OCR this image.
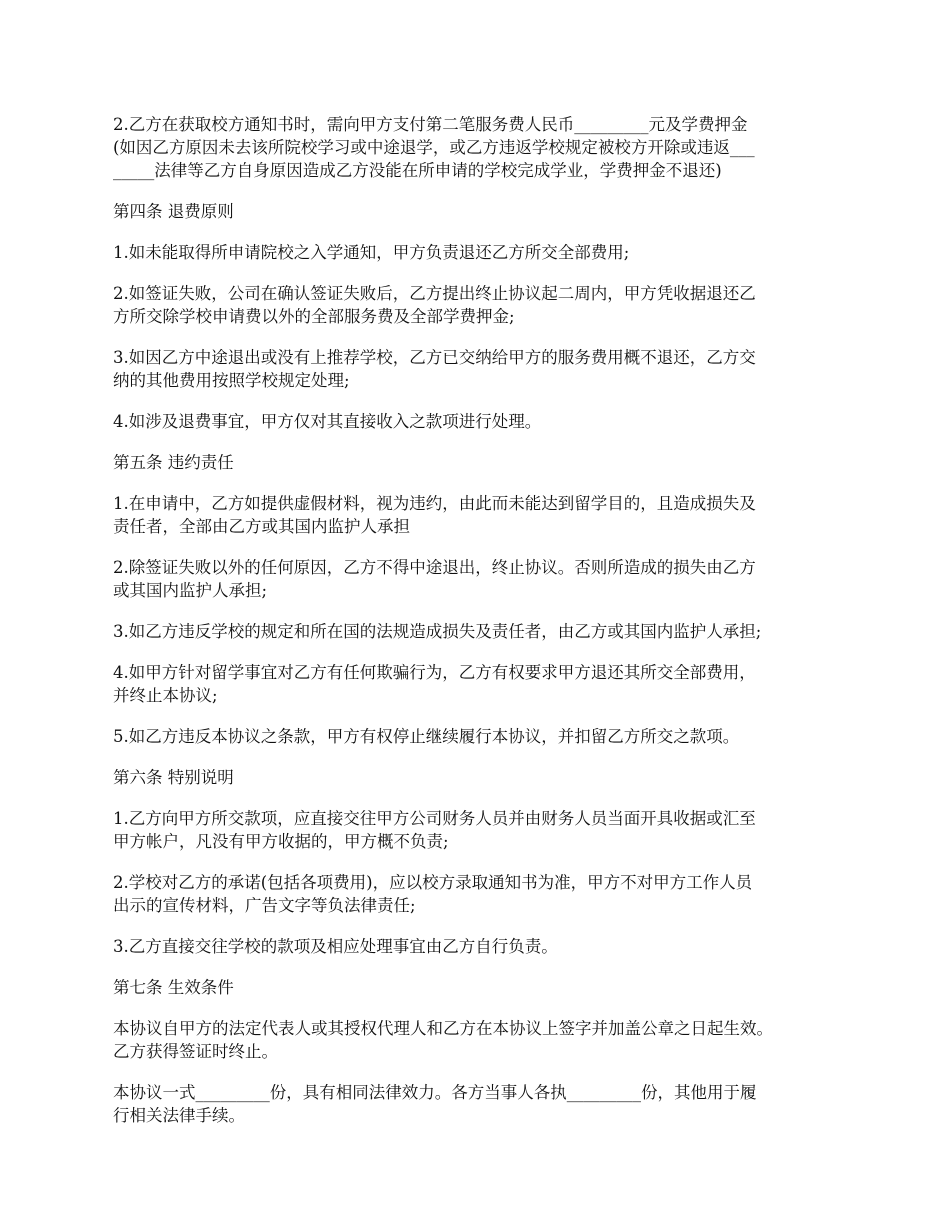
2.乙方在获取校方通知书时，需向甲方支付第二笔服务费人民币_________元及学费押金
(如因乙方原因未去该所院校学习或中途退学，或乙方违返学校规定被校方开除或违返___
_____法律等乙方自身原因造成乙方没能在所申请的学校完成学业，学费押金不退还)
第四条 退费原则
1.如未能取得所申请院校之入学通知，甲方负责退还乙方所交全部费用;
2.如签证失败，公司在确认签证失败后，乙方提出终止协议起二周内，甲方凭收据退还乙
方所交除学校申请费以外的全部服务费及全部学费押金;
3.如因乙方中途退出或没有上推荐学校，乙方已交纳给甲方的服务费用概不退还，乙方交
纳的其他费用按照学校规定处理;
4.如涉及退费事宜，甲方仅对其直接收入之款项进行处理。
第五条 违约责任
1.在申请中，乙方如提供虚假材料，视为违约，由此而未能达到留学目的，且造成损失及
责任者，全部由乙方或其国内监护人承担
2.除签证失败以外的任何原因，乙方不得中途退出，终止协议。否则所造成的损失由乙方
或其国内监护人承担;
3.如乙方违反学校的规定和所在国的法规造成损失及责任者，由乙方或其国内监护人承担;
4.如甲方针对留学事宜对乙方有任何欺骗行为，乙方有权要求甲方退还其所交全部费用，
并终止本协议;
5.如乙方违反本协议之条款，甲方有权停止继续履行本协议，并扣留乙方所交之款项。
第六条 特别说明
1.乙方向甲方所交款项，应直接交往甲方公司财务人员并由财务人员当面开具收据或汇至
甲方帐户，凡没有甲方收据的，甲方概不负责;
2.学校对乙方的承诺(包括各项费用)，应以校方录取通知书为准，甲方不对甲方工作人员
出示的宣传材料，广告文字等负法律责任;
3.乙方直接交往学校的款项及相应处理事宜由乙方自行负责。
第七条 生效条件
本协议自甲方的法定代表人或其授权代理人和乙方在本协议上签字并加盖公章之日起生效。
乙方获得签证时终止。
本协议一式_________份，具有相同法律效力。各方当事人各执_________份，其他用于履
行相关法律手续。
